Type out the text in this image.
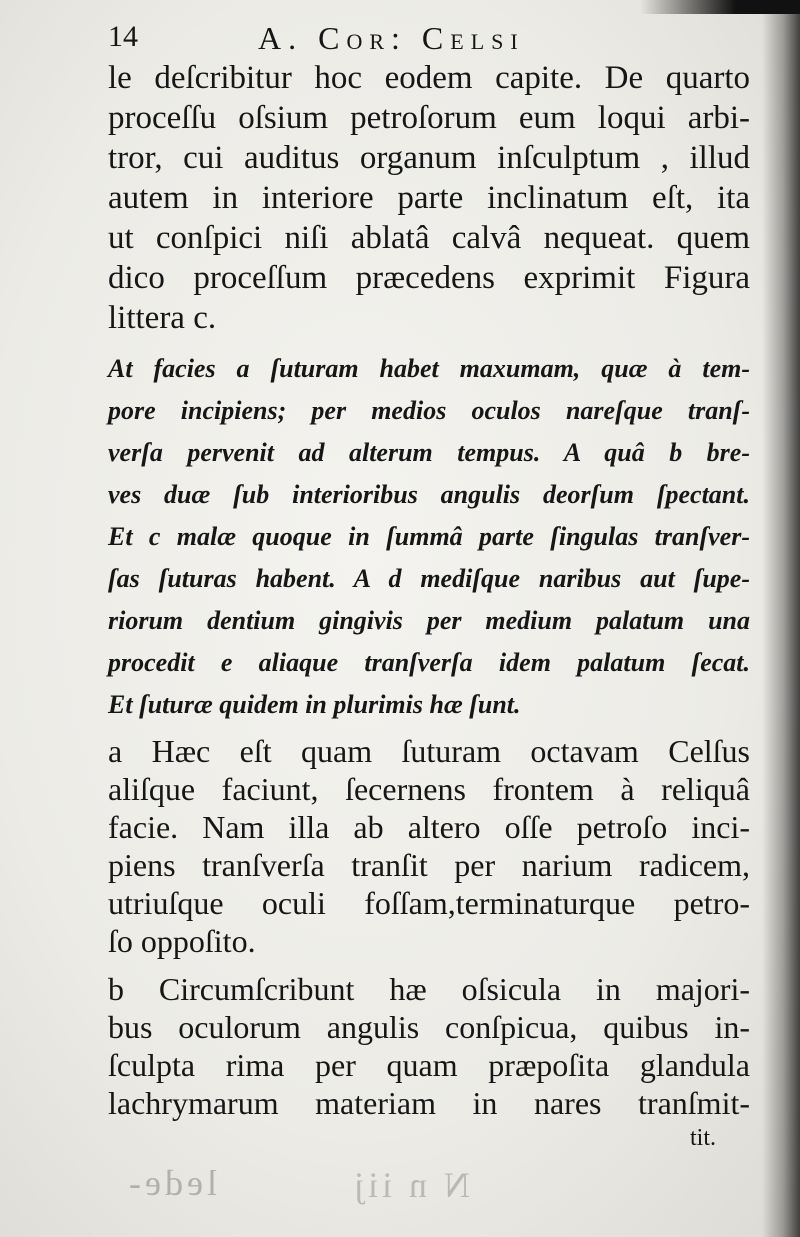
14	A. Cor: Celsi
le deſcribitur hoc eodem capite. De quarto
proceſſu oſsium petroſorum eum loqui arbi-
tror, cui auditus organum inſculptum , illud
autem in interiore parte inclinatum eſt, ita
ut conſpici niſi ablatâ calvâ nequeat. quem
dico proceſſum præcedens exprimit Figura
littera c.
At facies a ſuturam habet maxumam, quæ à tem-
pore incipiens; per medios oculos nareſque tranſ-
verſa pervenit ad alterum tempus. A quâ b bre-
ves duæ ſub interioribus angulis deorſum ſpectant.
Et c malæ quoque in ſummâ parte ſingulas tranſver-
ſas ſuturas habent. A d mediſque naribus aut ſupe-
riorum dentium gingivis per medium palatum una
procedit e aliaque tranſverſa idem palatum ſecat.
Et ſuturæ quidem in plurimis hæ ſunt.
a Hæc eſt quam ſuturam octavam Celſus
aliſque faciunt, ſecernens frontem à reliquâ
facie. Nam illa ab altero oſſe petroſo inci-
piens tranſverſa tranſit per narium radicem,
utriuſque oculi foſſam,terminaturque petro-
ſo oppoſito.
b Circumſcribunt hæ oſsicula in majori-
bus oculorum angulis conſpicua, quibus in-
ſculpta rima per quam præpoſita glandula
lachrymarum materiam in nares tranſmit-
tit.
lede-	N n iij
